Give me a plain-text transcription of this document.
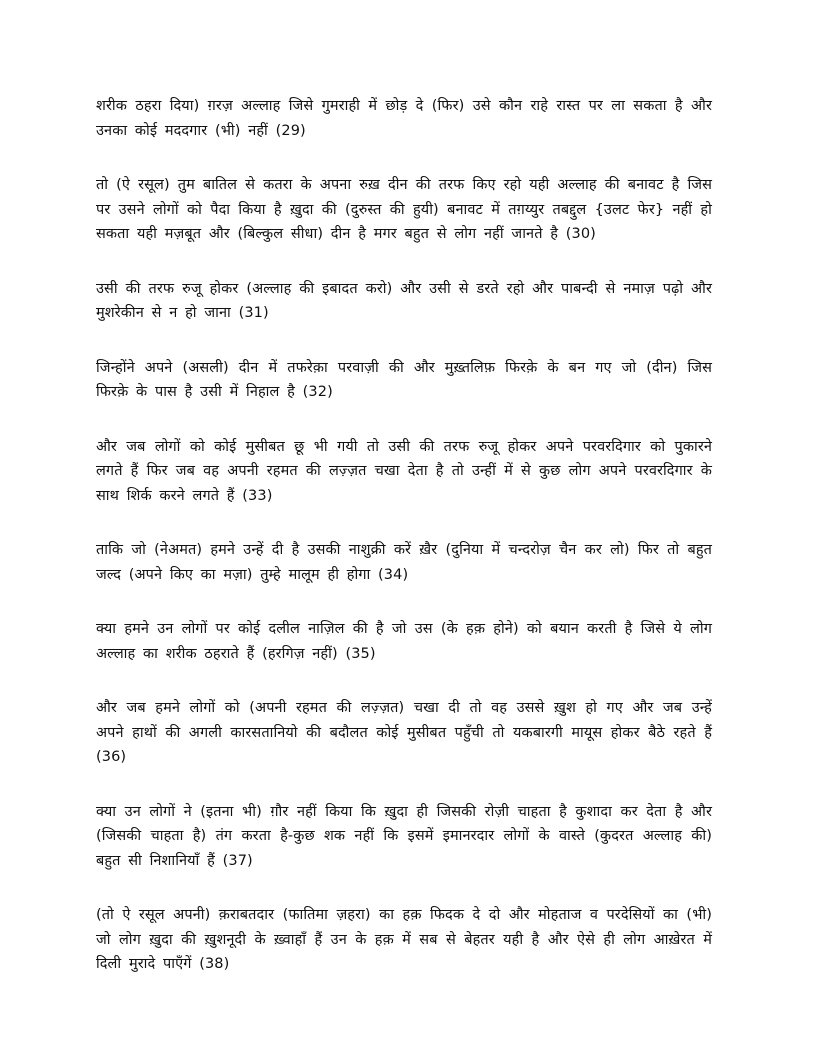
शरीक ठहरा दिया) ग़रज़ अल्लाह जिसे गुमराही में छोड़ दे (फिर) उसे कौन राहे रास्त पर ला सकता है और उनका कोई मददगार (भी) नहीं (29)

तो (ऐ रसूल) तुम बातिल से कतरा के अपना रुख़ दीन की तरफ किए रहो यही अल्लाह की बनावट है जिस पर उसने लोगों को पैदा किया है ख़ुदा की (दुरुस्त की हुयी) बनावट में तग़य्युर तबद्दुल {उलट फेर} नहीं हो सकता यही मज़बूत और (बिल्कुल सीधा) दीन है मगर बहुत से लोग नहीं जानते है (30)

उसी की तरफ रुजू होकर (अल्लाह की इबादत करो) और उसी से डरते रहो और पाबन्दी से नमाज़ पढ़ो और मुशरेकीन से न हो जाना (31)

जिन्होंने अपने (असली) दीन में तफरेक़ा परवाज़ी की और मुख़्तलिफ़ फिरके़ के बन गए जो (दीन) जिस फिरके़ के पास है उसी में निहाल है (32)

और जब लोगों को कोई मुसीबत छू भी गयी तो उसी की तरफ रुजू होकर अपने परवरदिगार को पुकारने लगते हैं फिर जब वह अपनी रहमत की लज़्ज़त चखा देता है तो उन्हीं में से कुछ लोग अपने परवरदिगार के साथ शिर्क करने लगते हैं (33)

ताकि जो (नेअमत) हमने उन्हें दी है उसकी नाशुक्री करें ख़ैर (दुनिया में चन्दरोज़ चैन कर लो) फिर तो बहुत जल्द (अपने किए का मज़ा) तुम्हे मालूम ही होगा (34)

क्या हमने उन लोगों पर कोई दलील नाज़िल की है जो उस (के हक़ होने) को बयान करती है जिसे ये लोग अल्लाह का शरीक ठहराते हैं (हरगिज़ नहीं) (35)

और जब हमने लोगों को (अपनी रहमत की लज़्ज़त) चखा दी तो वह उससे ख़ुश हो गए और जब उन्हें अपने हाथों की अगली कारसतानियो की बदौलत कोई मुसीबत पहुँची तो यकबारगी मायूस होकर बैठे रहते हैं (36)

क्या उन लोगों ने (इतना भी) ग़ौर नहीं किया कि ख़ुदा ही जिसकी रोज़ी चाहता है कुशादा कर देता है और (जिसकी चाहता है) तंग करता है-कुछ शक नहीं कि इसमें इमानरदार लोगों के वास्ते (कुदरत अल्लाह की) बहुत सी निशानियाँ हैं (37)

(तो ऐ रसूल अपनी) क़राबतदार (फातिमा ज़हरा) का हक़ फिदक दे दो और मोहताज व परदेसियों का (भी) जो लोग ख़ुदा की ख़ुशनूदी के ख़्वाहाँ हैं उन के हक़ में सब से बेहतर यही है और ऐसे ही लोग आख़ेरत में दिली मुरादे पाएँगें (38)
